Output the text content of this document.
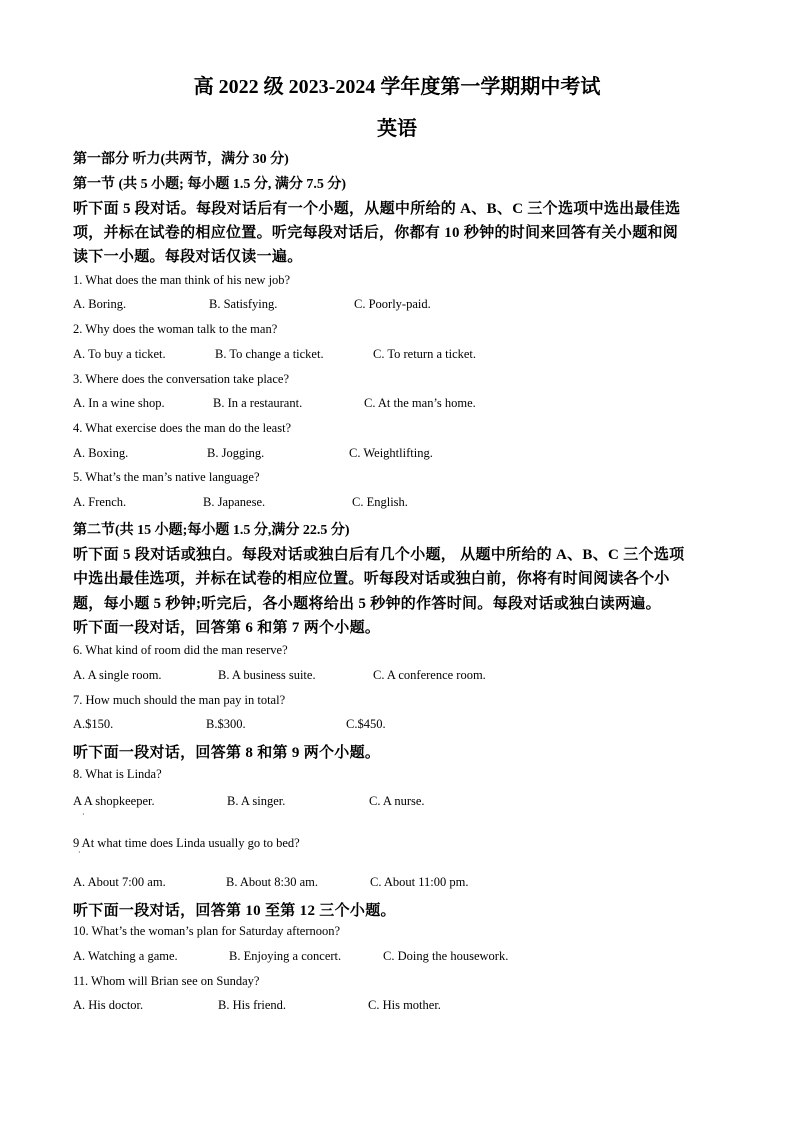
高 2022 级 2023-2024 学年度第一学期期中考试
英语
第一部分 听力(共两节，满分 30 分)
第一节 (共 5 小题; 每小题 1.5 分, 满分 7.5 分)
听下面 5 段对话。每段对话后有一个小题，从题中所给的 A、B、C 三个选项中选出最佳选
项，并标在试卷的相应位置。听完每段对话后，你都有 10 秒钟的时间来回答有关小题和阅
读下一小题。每段对话仅读一遍。
1. What does the man think of his new job?
A. Boring.	B. Satisfying.	C. Poorly-paid.
2. Why does the woman talk to the man?
A. To buy a ticket.	B. To change a ticket.	C. To return a ticket.
3. Where does the conversation take place?
A. In a wine shop.	B. In a restaurant.	C. At the man’s home.
4. What exercise does the man do the least?
A. Boxing.	B. Jogging.	C. Weightlifting.
5. What’s the man’s native language?
A. French.	B. Japanese.	C. English.
第二节(共 15 小题;每小题 1.5 分,满分 22.5 分)
听下面 5 段对话或独白。每段对话或独白后有几个小题， 从题中所给的 A、B、C 三个选项
中选出最佳选项，并标在试卷的相应位置。听每段对话或独白前，你将有时间阅读各个小
题，每小题 5 秒钟;听完后，各小题将给出 5 秒钟的作答时间。每段对话或独白读两遍。
听下面一段对话，回答第 6 和第 7 两个小题。
6. What kind of room did the man reserve?
A. A single room.	B. A business suite.	C. A conference room.
7. How much should the man pay in total?
A.$150.	B.$300.	C.$450.
听下面一段对话，回答第 8 和第 9 两个小题。
8. What is Linda?
A A shopkeeper.	B. A singer.	C. A nurse.
·
9 At what time does Linda usually go to bed?
·
A. About 7:00 am.	B. About 8:30 am.	C. About 11:00 pm.
听下面一段对话，回答第 10 至第 12 三个小题。
10. What’s the woman’s plan for Saturday afternoon?
A. Watching a game.	B. Enjoying a concert.	C. Doing the housework.
11. Whom will Brian see on Sunday?
A. His doctor.	B. His friend.	C. His mother.
